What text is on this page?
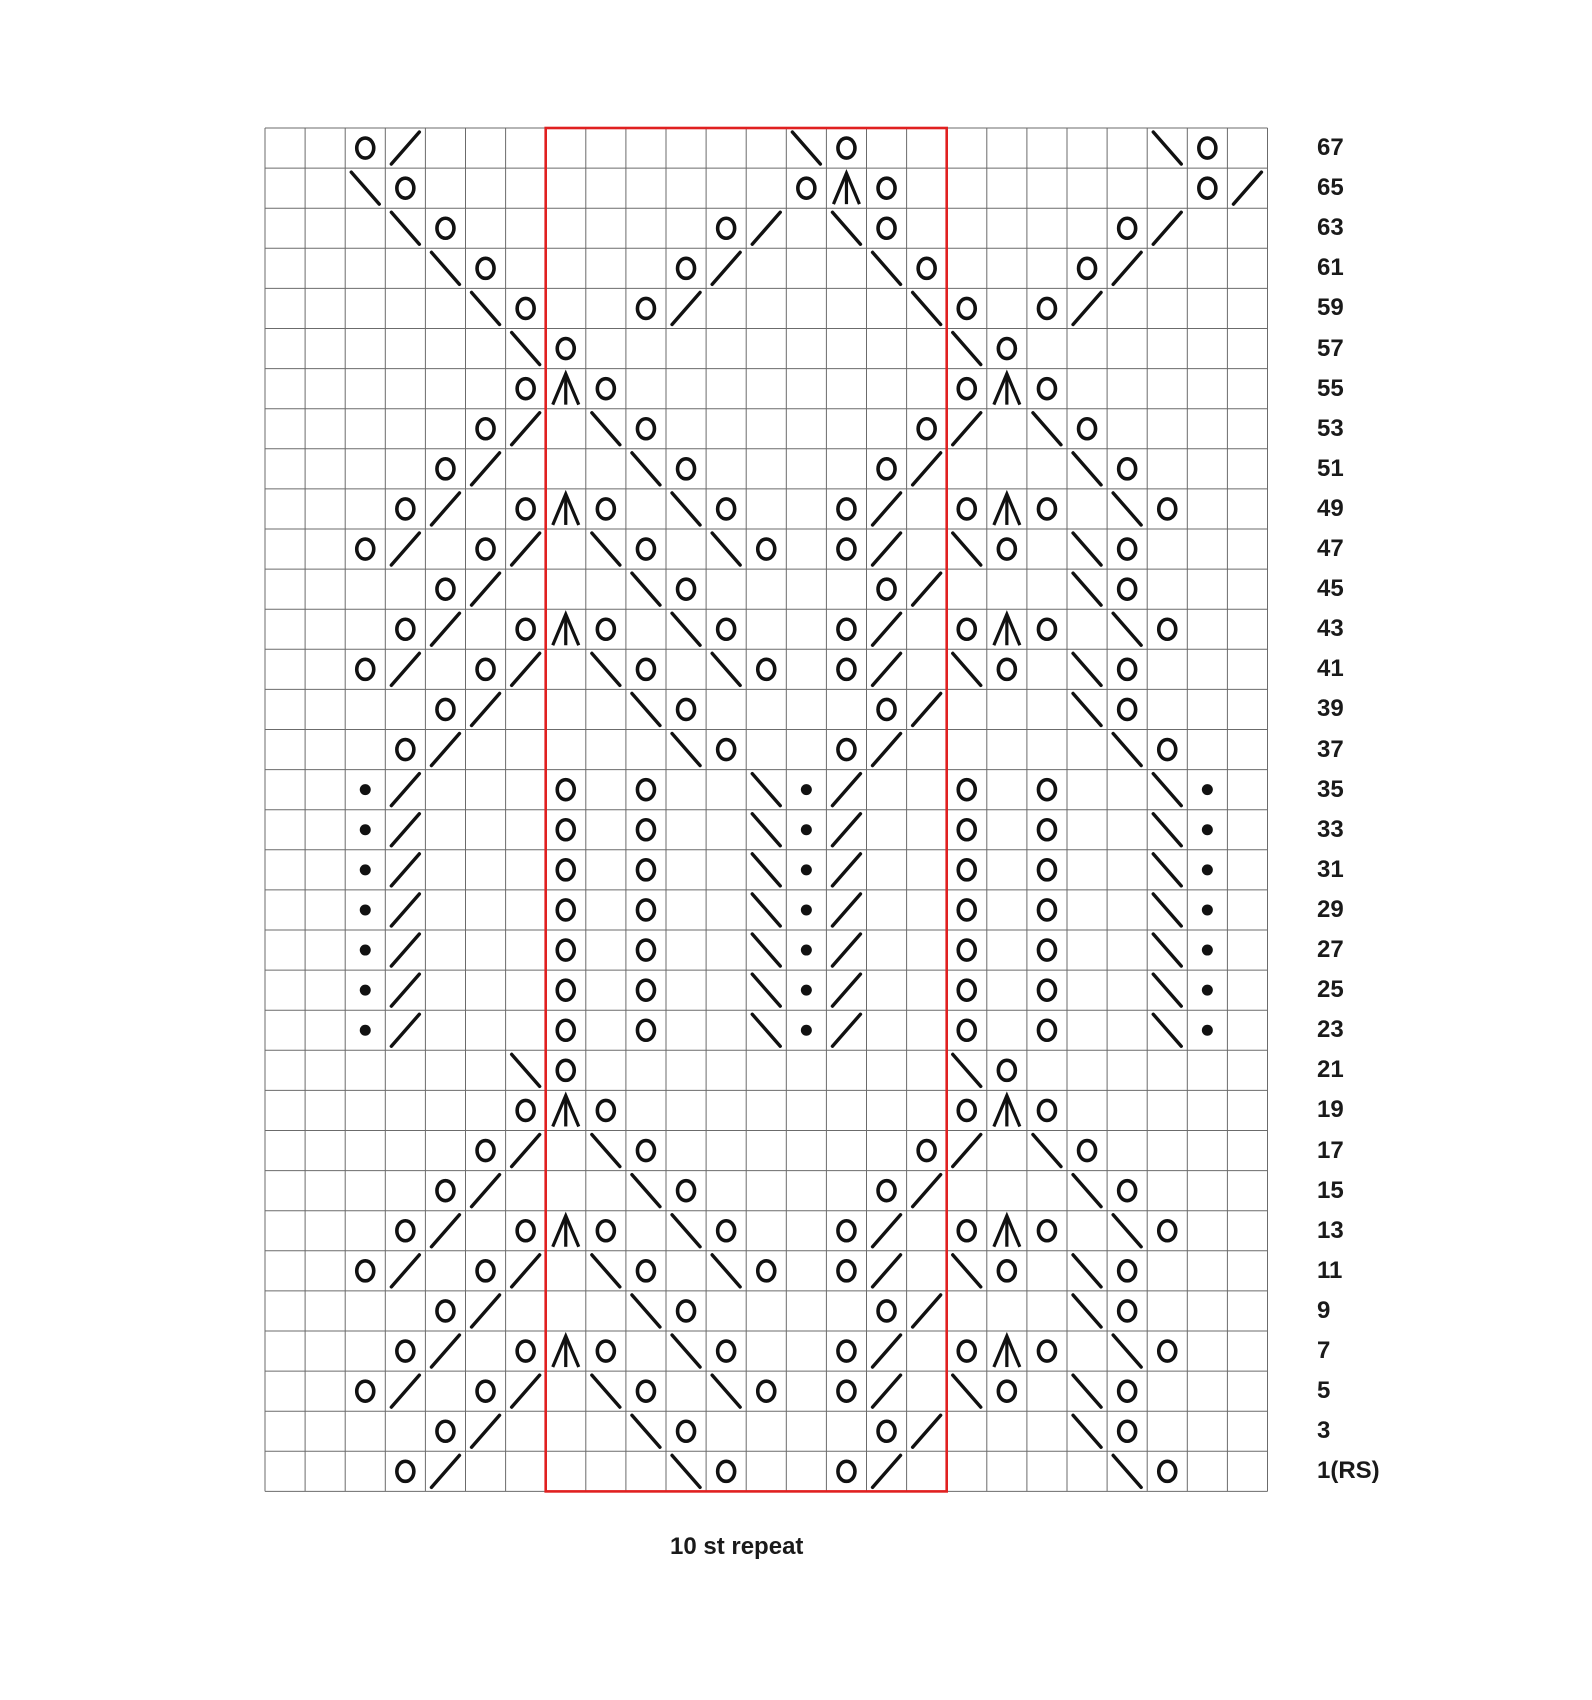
67
65
63
61
59
57
55
53
51
49
47
45
43
41
39
37
35
33
31
29
27
25
23
21
19
17
15
13
11
9
7
5
3
1(RS)
10 st repeat
